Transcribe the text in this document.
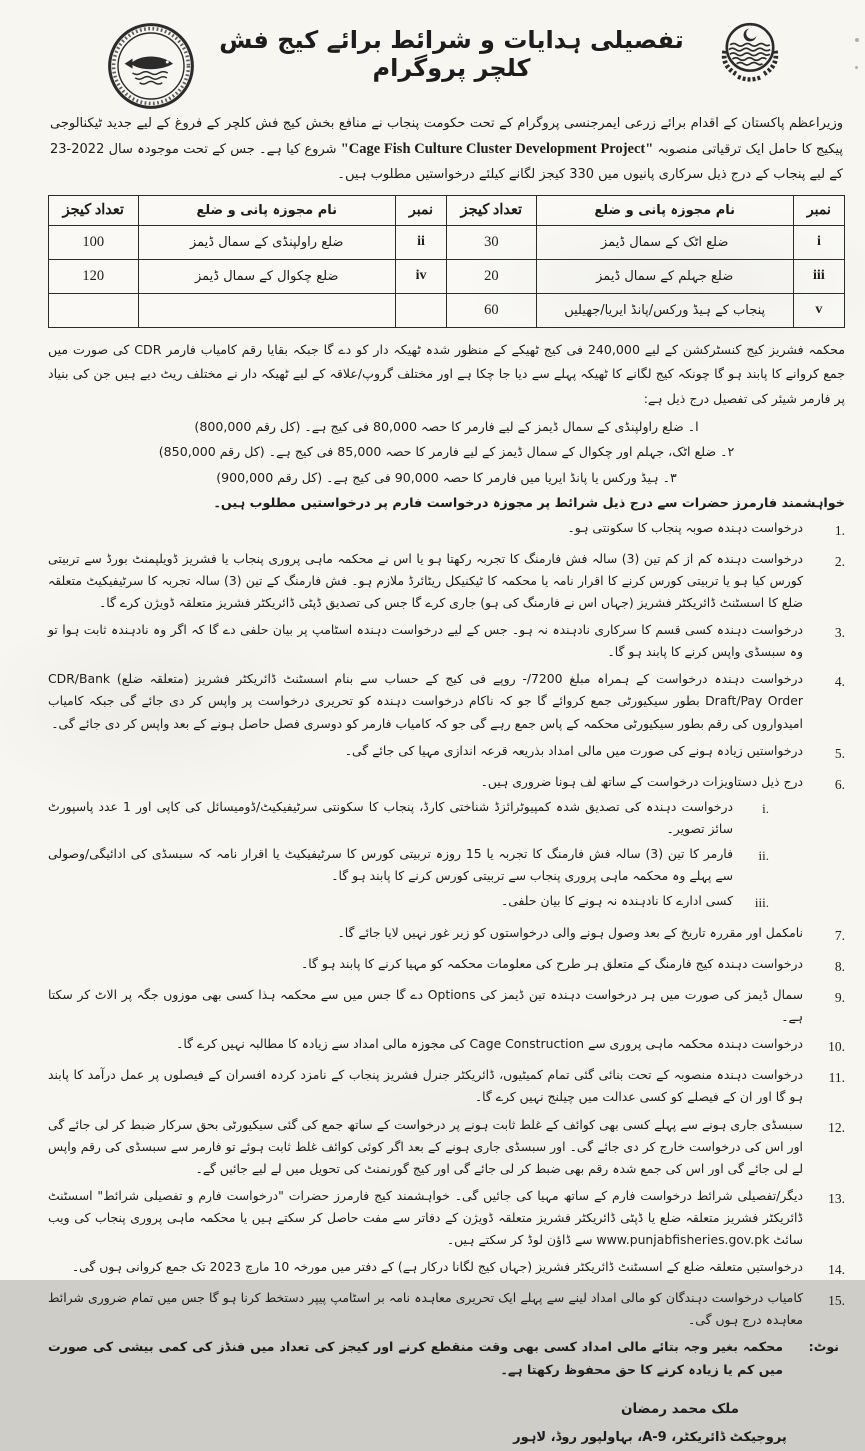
تفصیلی ہدایات و شرائط برائے کیج فش کلچر پروگرام

وزیراعظم پاکستان کے اقدام برائے زرعی ایمرجنسی پروگرام کے تحت حکومت پنجاب نے منافع بخش کیج فش کلچر کے فروغ کے لیے جدید ٹیکنالوجی پیکیج کا حامل ایک ترقیاتی منصوبہ "Cage Fish Culture Cluster Development Project" شروع کیا ہے۔ جس کے تحت موجودہ سال 2022-23 کے لیے پنجاب کے درج ذیل سرکاری پانیوں میں 330 کیجز لگانے کیلئے درخواستیں مطلوب ہیں۔

نمبر	نام مجوزہ پانی و ضلع	تعداد کیجز	نمبر	نام مجوزہ پانی و ضلع	تعداد کیجز
i	ضلع اٹک کے سمال ڈیمز	30	ii	ضلع راولپنڈی کے سمال ڈیمز	100
iii	ضلع جہلم کے سمال ڈیمز	20	iv	ضلع چکوال کے سمال ڈیمز	120
v	پنجاب کے ہیڈ ورکس/پانڈ ایریا/جھیلیں	60			

محکمہ فشریز کیج کنسٹرکشن کے لیے 240,000 فی کیج ٹھیکے کے منظور شدہ ٹھیکہ دار کو دے گا جبکہ بقایا رقم کامیاب فارمر CDR کی صورت میں جمع کروانے کا پابند ہو گا چونکہ کیج لگانے کا ٹھیکہ پہلے سے دیا جا چکا ہے اور مختلف گروپ/علاقہ کے لیے ٹھیکہ دار نے مختلف ریٹ دیے ہیں جن کی بنیاد پر فارمر شیئر کی تفصیل درج ذیل ہے:

ا۔ ضلع راولپنڈی کے سمال ڈیمز کے لیے فارمر کا حصہ 80,000 فی کیج ہے۔ (کل رقم 800,000)
۲۔ ضلع اٹک، جہلم اور چکوال کے سمال ڈیمز کے لیے فارمر کا حصہ 85,000 فی کیج ہے۔ (کل رقم 850,000)
۳۔ ہیڈ ورکس یا پانڈ ایریا میں فارمر کا حصہ 90,000 فی کیج ہے۔ (کل رقم 900,000)
خواہشمند فارمرز حضرات سے درج ذیل شرائط پر مجوزہ درخواست فارم پر درخواستیں مطلوب ہیں۔
1.
درخواست دہندہ صوبہ پنجاب کا سکونتی ہو۔
2.
درخواست دہندہ کم از کم تین (3) سالہ فش فارمنگ کا تجربہ رکھتا ہو یا اس نے محکمہ ماہی پروری پنجاب یا فشریز ڈویلپمنٹ بورڈ سے تربیتی کورس کیا ہو یا تربیتی کورس کرنے کا اقرار نامہ یا محکمہ کا ٹیکنیکل ریٹائرڈ ملازم ہو۔ فش فارمنگ کے تین (3) سالہ تجربہ کا سرٹیفیکیٹ متعلقہ ضلع کا اسسٹنٹ ڈائریکٹر فشریز (جہاں اس نے فارمنگ کی ہو) جاری کرے گا جس کی تصدیق ڈپٹی ڈائریکٹر فشریز متعلقہ ڈویژن کرے گا۔
3.
درخواست دہندہ کسی قسم کا سرکاری نادہندہ نہ ہو۔ جس کے لیے درخواست دہندہ اسٹامپ پر بیان حلفی دے گا کہ اگر وہ نادہندہ ثابت ہوا تو وہ سبسڈی واپس کرنے کا پابند ہو گا۔
4.
درخواست دہندہ درخواست کے ہمراہ مبلغ 7200/- روپے فی کیج کے حساب سے بنام اسسٹنٹ ڈائریکٹر فشریز (متعلقہ ضلع) CDR/Bank Draft/Pay Order بطور سیکیورٹی جمع کروائے گا جو کہ ناکام درخواست دہندہ کو تحریری درخواست پر واپس کر دی جائے گی جبکہ کامیاب امیدواروں کی رقم بطور سیکیورٹی محکمہ کے پاس جمع رہے گی جو کہ کامیاب فارمر کو دوسری فصل حاصل ہونے کے بعد واپس کر دی جائے گی۔
5.
درخواستیں زیادہ ہونے کی صورت میں مالی امداد بذریعہ قرعہ اندازی مہیا کی جائے گی۔
6.
درج ذیل دستاویزات درخواست کے ساتھ لف ہونا ضروری ہیں۔
i.
درخواست دہندہ کی تصدیق شدہ کمپیوٹرائزڈ شناختی کارڈ، پنجاب کا سکونتی سرٹیفیکیٹ/ڈومیسائل کی کاپی اور 1 عدد پاسپورٹ سائز تصویر۔
ii.
فارمر کا تین (3) سالہ فش فارمنگ کا تجربہ یا 15 روزہ تربیتی کورس کا سرٹیفیکیٹ یا اقرار نامہ کہ سبسڈی کی ادائیگی/وصولی سے پہلے وہ محکمہ ماہی پروری پنجاب سے تربیتی کورس کرنے کا پابند ہو گا۔
iii.
کسی ادارے کا نادہندہ نہ ہونے کا بیان حلفی۔
7.
نامکمل اور مقررہ تاریخ کے بعد وصول ہونے والی درخواستوں کو زیر غور نہیں لایا جائے گا۔
8.
درخواست دہندہ کیج فارمنگ کے متعلق ہر طرح کی معلومات محکمہ کو مہیا کرنے کا پابند ہو گا۔
9.
سمال ڈیمز کی صورت میں ہر درخواست دہندہ تین ڈیمز کی Options دے گا جس میں سے محکمہ ہذا کسی بھی موزوں جگہ پر الاٹ کر سکتا ہے۔
10.
درخواست دہندہ محکمہ ماہی پروری سے Cage Construction کی مجوزہ مالی امداد سے زیادہ کا مطالبہ نہیں کرے گا۔
11.
درخواست دہندہ منصوبہ کے تحت بنائی گئی تمام کمیٹیوں، ڈائریکٹر جنرل فشریز پنجاب کے نامزد کردہ افسران کے فیصلوں پر عمل درآمد کا پابند ہو گا اور ان کے فیصلے کو کسی عدالت میں چیلنج نہیں کرے گا۔
12.
سبسڈی جاری ہونے سے پہلے کسی بھی کوائف کے غلط ثابت ہونے پر درخواست کے ساتھ جمع کی گئی سیکیورٹی بحق سرکار ضبط کر لی جائے گی اور اس کی درخواست خارج کر دی جائے گی۔ اور سبسڈی جاری ہونے کے بعد اگر کوئی کوائف غلط ثابت ہوئے تو فارمر سے سبسڈی کی رقم واپس لے لی جائے گی اور اس کی جمع شدہ رقم بھی ضبط کر لی جائے گی اور کیج گورنمنٹ کی تحویل میں لے لیے جائیں گے۔
13.
دیگر/تفصیلی شرائط درخواست فارم کے ساتھ مہیا کی جائیں گی۔ خواہشمند کیج فارمرز حضرات "درخواست فارم و تفصیلی شرائط" اسسٹنٹ ڈائریکٹر فشریز متعلقہ ضلع یا ڈپٹی ڈائریکٹر فشریز متعلقہ ڈویژن کے دفاتر سے مفت حاصل کر سکتے ہیں یا محکمہ ماہی پروری پنجاب کی ویب سائٹ www.punjabfisheries.gov.pk سے ڈاؤن لوڈ کر سکتے ہیں۔
14.
درخواستیں متعلقہ ضلع کے اسسٹنٹ ڈائریکٹر فشریز (جہاں کیج لگانا درکار ہے) کے دفتر میں مورخہ 10 مارچ 2023 تک جمع کروانی ہوں گی۔
15.
کامیاب درخواست دہندگان کو مالی امداد لینے سے پہلے ایک تحریری معاہدہ نامہ بر اسٹامپ پیپر دستخط کرنا ہو گا جس میں تمام ضروری شرائط معاہدہ درج ہوں گی۔
نوٹ:
محکمہ بغیر وجہ بتائے مالی امداد کسی بھی وقت منقطع کرنے اور کیجز کی تعداد میں فنڈز کی کمی بیشی کی صورت میں کم یا زیادہ کرنے کا حق محفوظ رکھتا ہے۔
ملک محمد رمضان
پروجیکٹ ڈائریکٹر، 9-A، بہاولپور روڈ، لاہور
